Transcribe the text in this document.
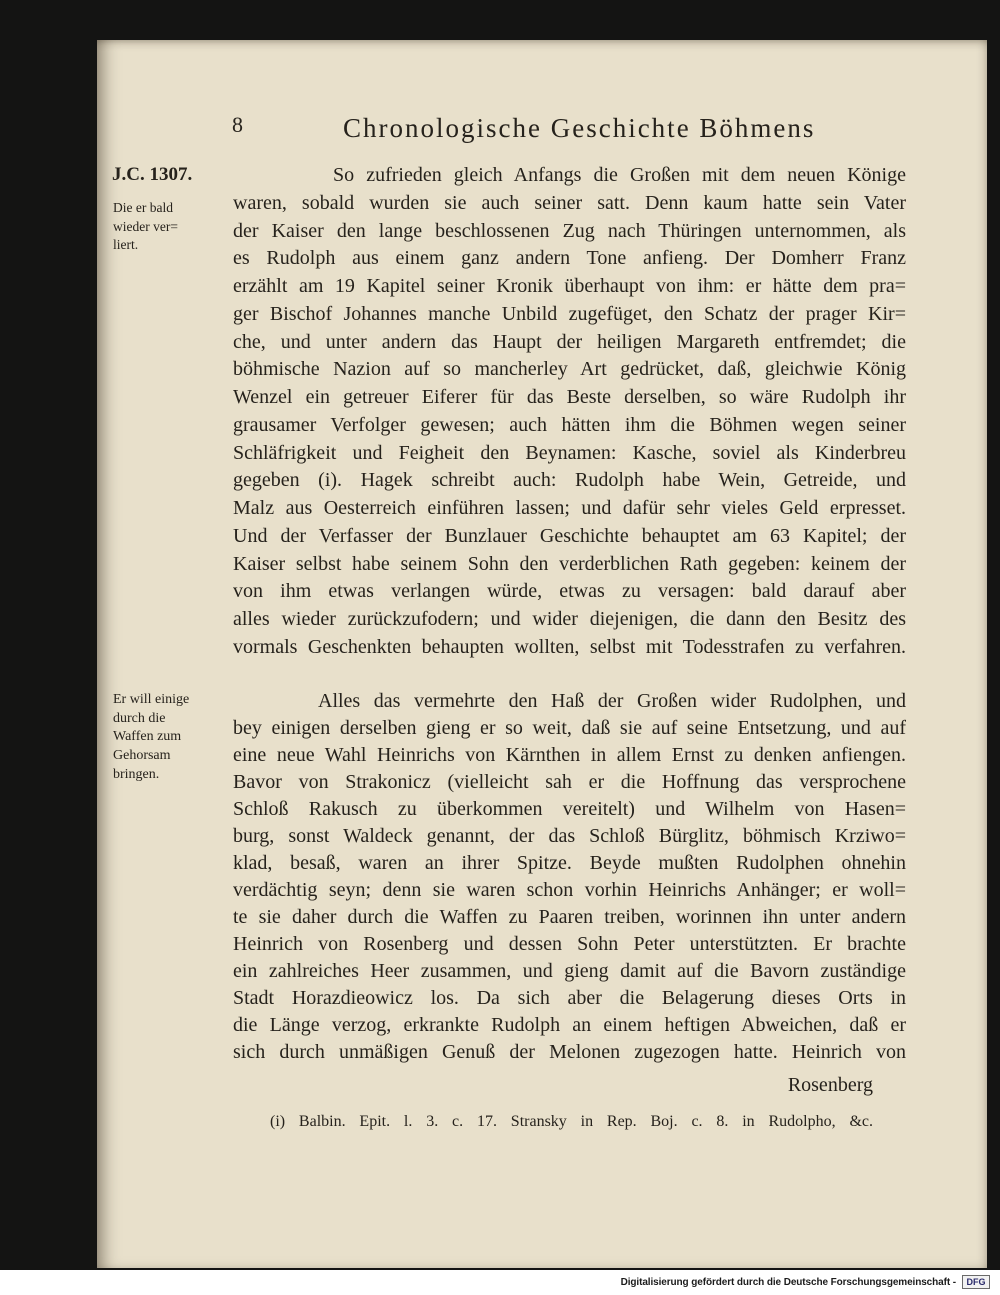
8	Chronologische Geschichte Böhmens
J.C. 1307.
Die er bald
wieder ver=
liert.
Er will einige
durch die
Waffen zum
Gehorsam
bringen.
So zufrieden gleich Anfangs die Großen mit dem neuen Könige
waren, sobald wurden sie auch seiner satt. Denn kaum hatte sein Vater
der Kaiser den lange beschlossenen Zug nach Thüringen unternommen, als
es Rudolph aus einem ganz andern Tone anfieng. Der Domherr Franz
erzählt am 19 Kapitel seiner Kronik überhaupt von ihm: er hätte dem pra=
ger Bischof Johannes manche Unbild zugefüget, den Schatz der prager Kir=
che, und unter andern das Haupt der heiligen Margareth entfremdet; die
böhmische Nazion auf so mancherley Art gedrücket, daß, gleichwie König
Wenzel ein getreuer Eiferer für das Beste derselben, so wäre Rudolph ihr
grausamer Verfolger gewesen; auch hätten ihm die Böhmen wegen seiner
Schläfrigkeit und Feigheit den Beynamen: Kasche, soviel als Kinderbreu
gegeben (i). Hagek schreibt auch: Rudolph habe Wein, Getreide, und
Malz aus Oesterreich einführen lassen; und dafür sehr vieles Geld erpresset.
Und der Verfasser der Bunzlauer Geschichte behauptet am 63 Kapitel; der
Kaiser selbst habe seinem Sohn den verderblichen Rath gegeben: keinem der
von ihm etwas verlangen würde, etwas zu versagen: bald darauf aber
alles wieder zurückzufodern; und wider diejenigen, die dann den Besitz des
vormals Geschenkten behaupten wollten, selbst mit Todesstrafen zu verfahren.
Alles das vermehrte den Haß der Großen wider Rudolphen, und
bey einigen derselben gieng er so weit, daß sie auf seine Entsetzung, und auf
eine neue Wahl Heinrichs von Kärnthen in allem Ernst zu denken anfiengen.
Bavor von Strakonicz (vielleicht sah er die Hoffnung das versprochene
Schloß Rakusch zu überkommen vereitelt) und Wilhelm von Hasen=
burg, sonst Waldeck genannt, der das Schloß Bürglitz, böhmisch Krziwo=
klad, besaß, waren an ihrer Spitze. Beyde mußten Rudolphen ohnehin
verdächtig seyn; denn sie waren schon vorhin Heinrichs Anhänger; er woll=
te sie daher durch die Waffen zu Paaren treiben, worinnen ihn unter andern
Heinrich von Rosenberg und dessen Sohn Peter unterstützten. Er brachte
ein zahlreiches Heer zusammen, und gieng damit auf die Bavorn zuständige
Stadt Horazdieowicz los. Da sich aber die Belagerung dieses Orts in
die Länge verzog, erkrankte Rudolph an einem heftigen Abweichen, daß er
sich durch unmäßigen Genuß der Melonen zugezogen hatte. Heinrich von
Rosenberg
(i) Balbin. Epit. l. 3. c. 17. Stransky in Rep. Boj. c. 8. in Rudolpho, &c.
Digitalisierung gefördert durch die Deutsche Forschungsgemeinschaft -	DFG
